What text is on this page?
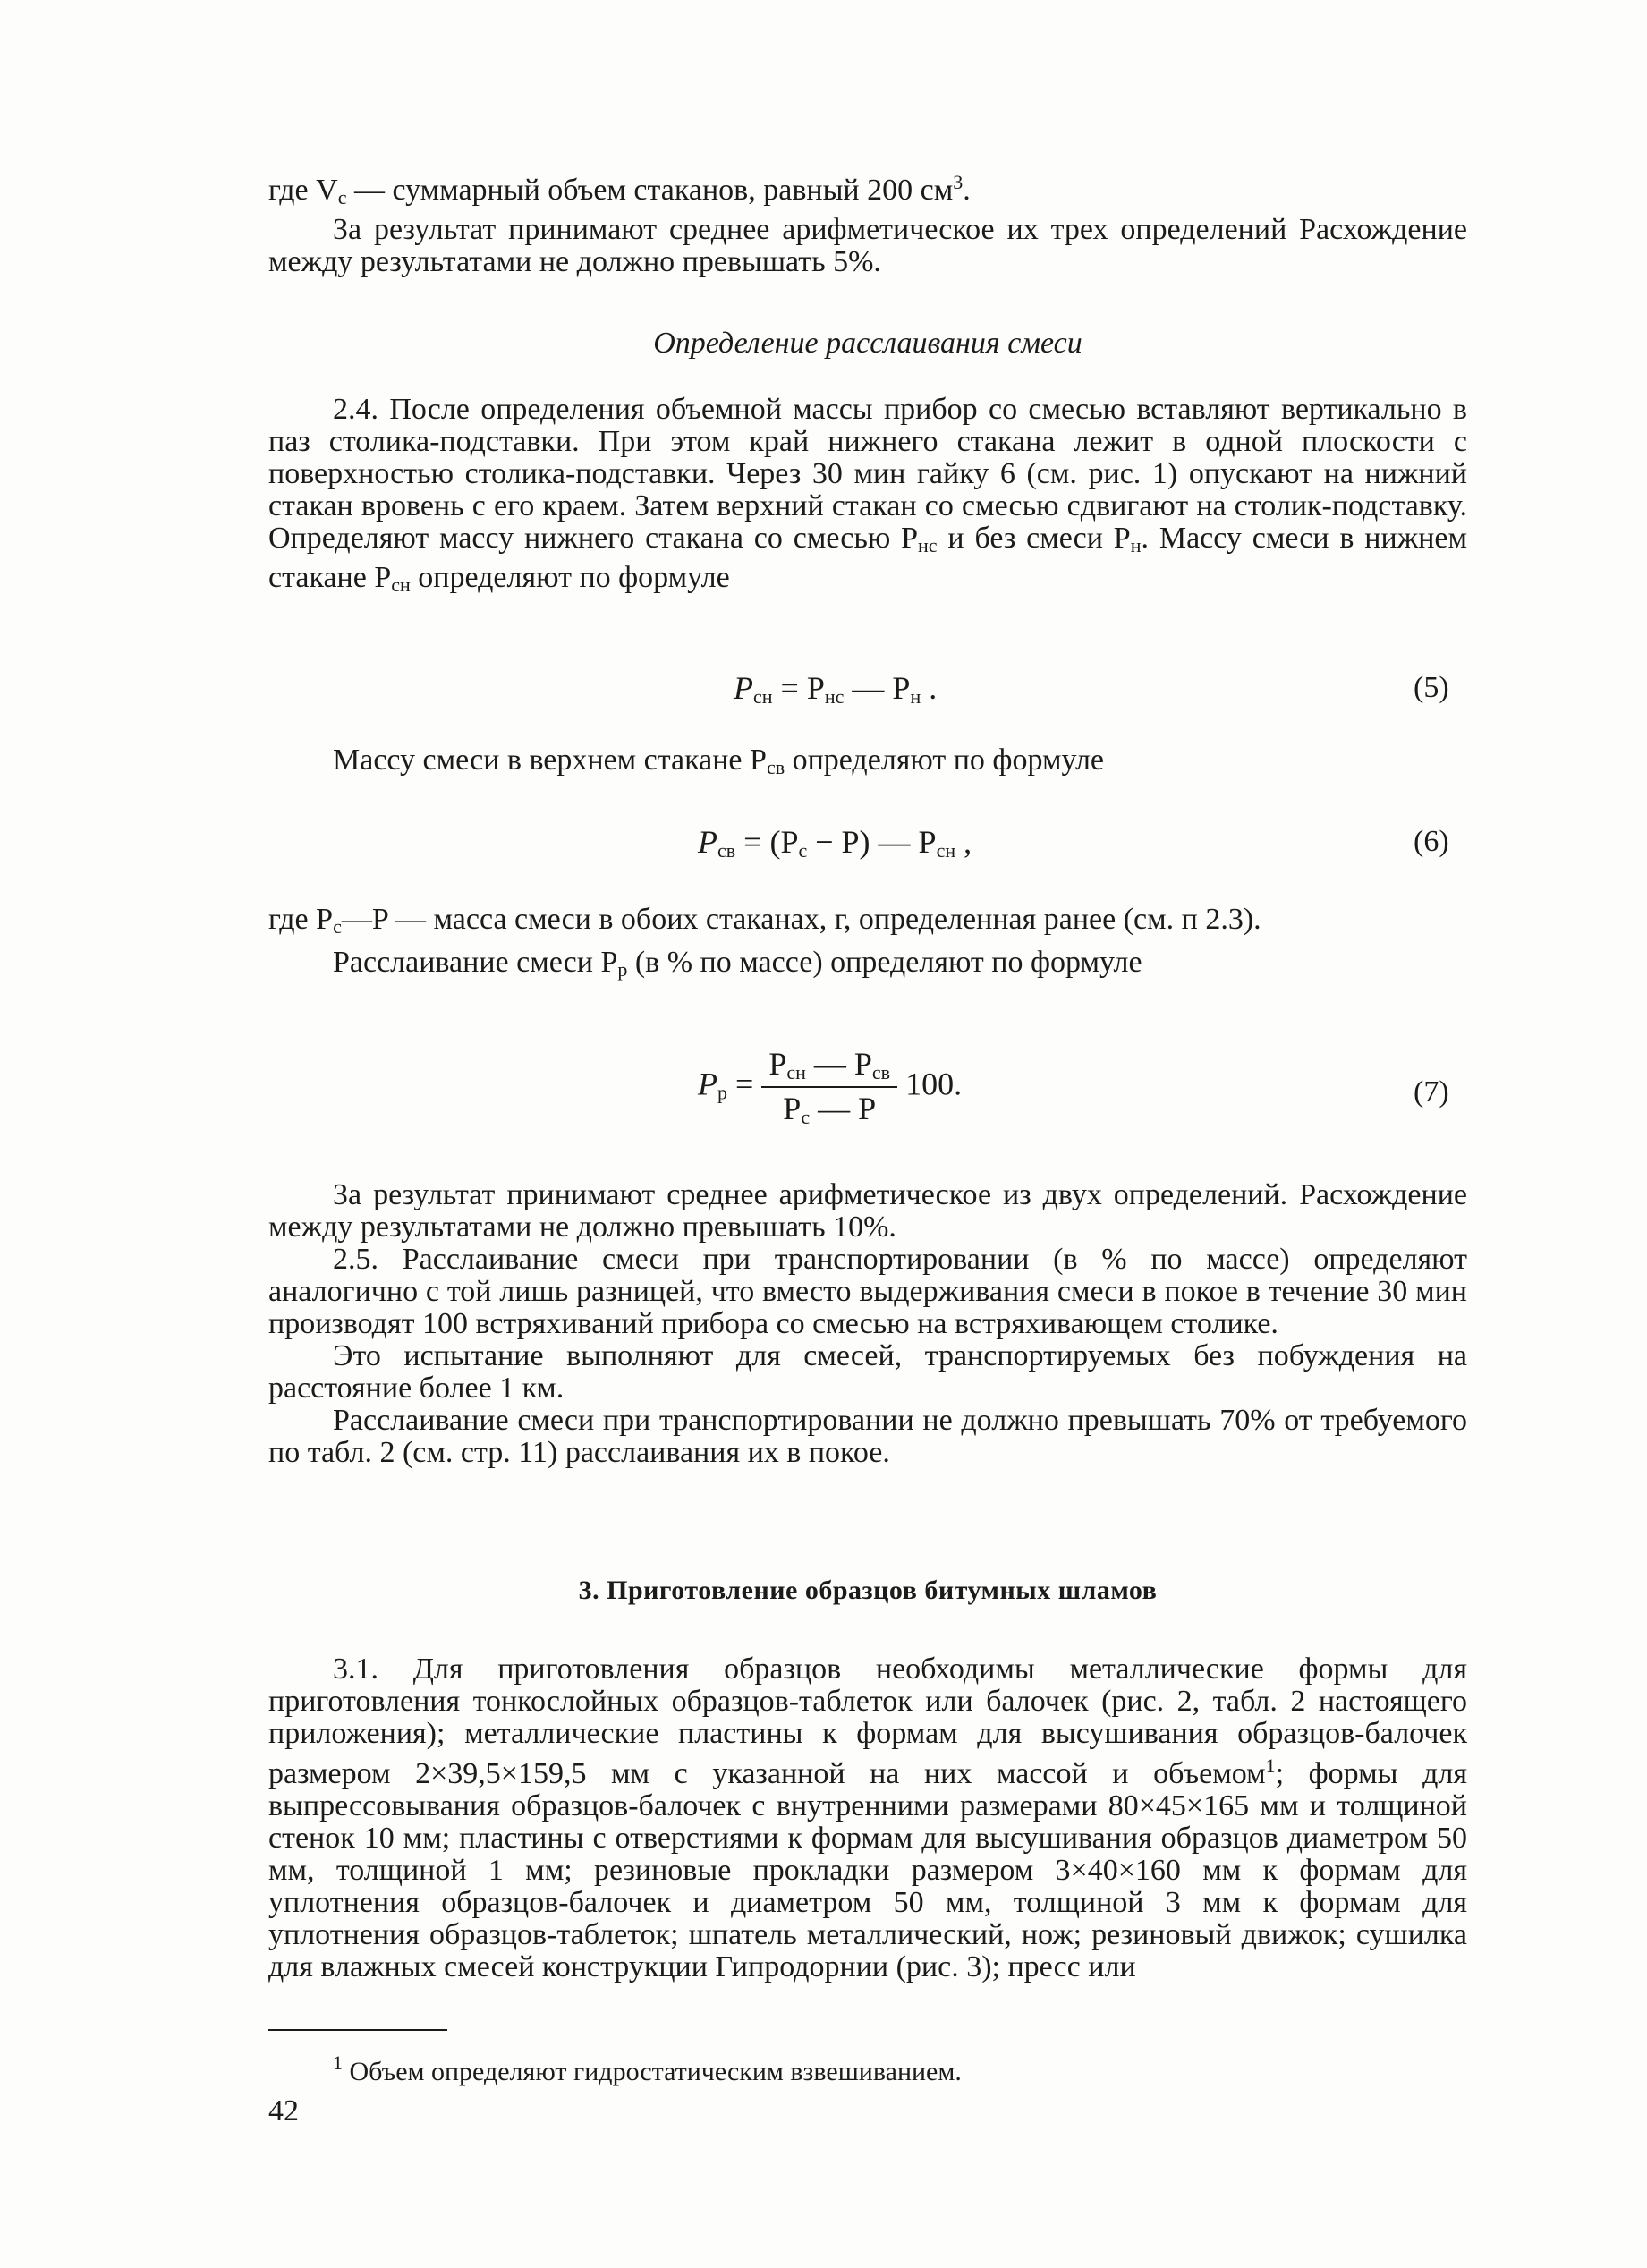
где $V_с$ — суммарный объем стаканов, равный 200 $см^3$.

За результат принимают среднее арифметическое их трех определений Расхождение между результатами не должно превышать 5%.

Определение расслаивания смеси

2.4. После определения объемной массы прибор со смесью вставляют вертикально в паз столика-подставки. При этом край нижнего стакана лежит в одной плоскости с поверхностью столика-подставки. Через 30 мин гайку 6 (см. рис. 1) опускают на нижний стакан вровень с его краем. Затем верхний стакан со смесью сдвигают на столик-подставку. Определяют массу нижнего стакана со смесью $P_{нс}$ и без смеси $P_н$. Массу смеси в нижнем стакане $P_{сн}$ определяют по формуле

$P_{сн} = P_{нс}$ — $P_н$ .	(5)

Массу смеси в верхнем стакане $P_{св}$ определяют по формуле

$P_{св} = (P_с - P)$ — $P_{сн}$ ,	(6)

где $P_с—P$ — масса смеси в обоих стаканах, г, определенная ранее (см. п 2.3).

Расслаивание смеси $P_р$ (в % по массе) определяют по формуле

$P_р = \frac{P_{сн} — P_{св}}{P_с — P} 100$.	(7)

За результат принимают среднее арифметическое из двух определений. Расхождение между результатами не должно превышать 10%.

2.5. Расслаивание смеси при транспортировании (в % по массе) определяют аналогично с той лишь разницей, что вместо выдерживания смеси в покое в течение 30 мин производят 100 встряхиваний прибора со смесью на встряхивающем столике.

Это испытание выполняют для смесей, транспортируемых без побуждения на расстояние более 1 км.

Расслаивание смеси при транспортировании не должно превышать 70% от требуемого по табл. 2 (см. стр. 11) расслаивания их в покое.

3. Приготовление образцов битумных шламов

3.1. Для приготовления образцов необходимы металлические формы для приготовления тонкослойных образцов-таблеток или балочек (рис. 2, табл. 2 настоящего приложения); металлические пластины к формам для высушивания образцов-балочек размером 2×39,5×159,5 мм с указанной на них массой и объемом$^1$; формы для выпрессовывания образцов-балочек с внутренними размерами 80×45×165 мм и толщиной стенок 10 мм; пластины с отверстиями к формам для высушивания образцов диаметром 50 мм, толщиной 1 мм; резиновые прокладки размером 3×40×160 мм к формам для уплотнения образцов-балочек и диаметром 50 мм, толщиной 3 мм к формам для уплотнения образцов-таблеток; шпатель металлический, нож; резиновый движок; сушилка для влажных смесей конструкции Гипродорнии (рис. 3); пресс или

$^1$ Объем определяют гидростатическим взвешиванием.

42
